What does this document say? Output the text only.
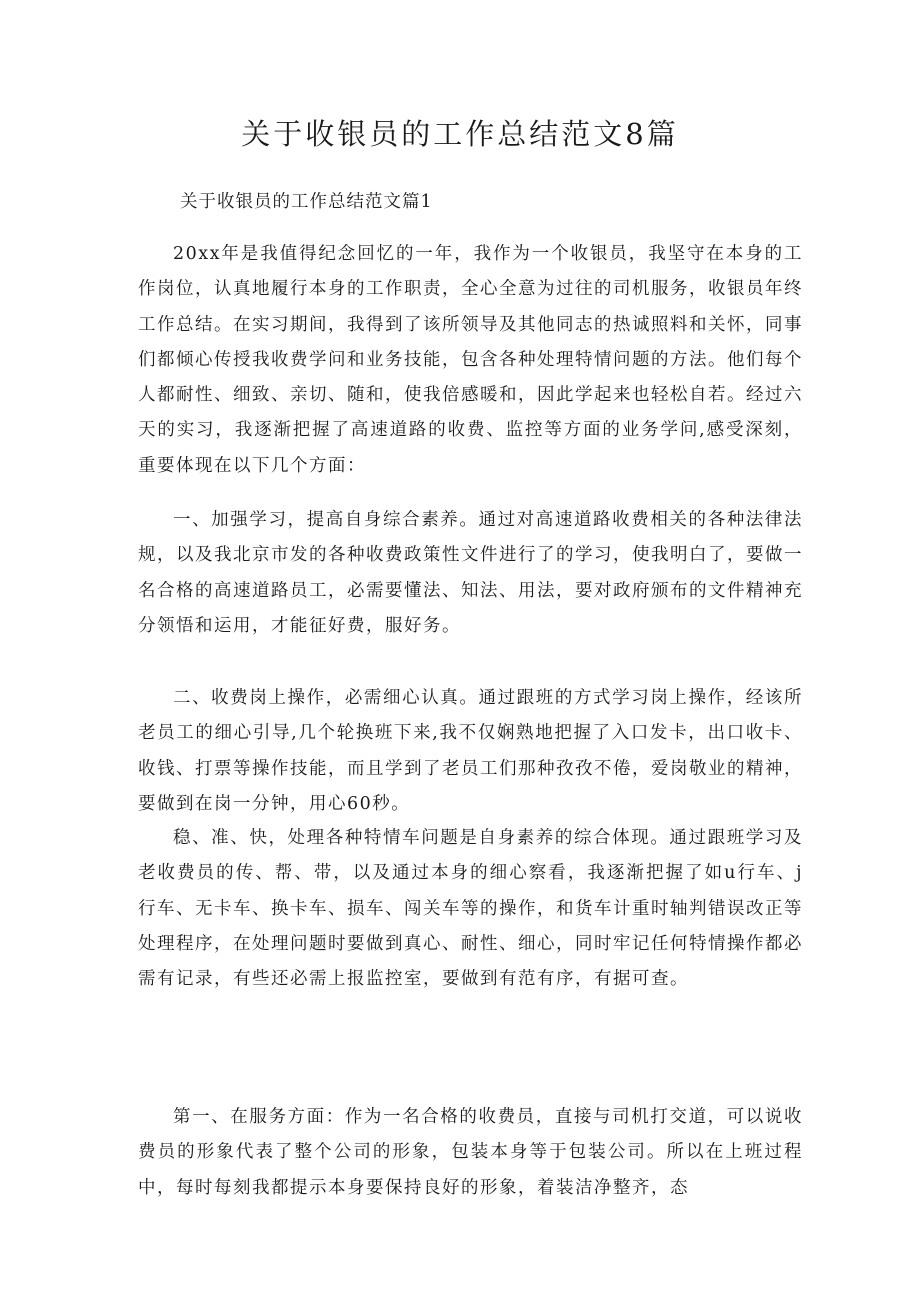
关于收银员的工作总结范文8篇

关于收银员的工作总结范文篇1

20xx年是我值得纪念回忆的一年，我作为一个收银员，我坚守在本身的工作岗位，认真地履行本身的工作职责，全心全意为过往的司机服务，收银员年终工作总结。在实习期间，我得到了该所领导及其他同志的热诚照料和关怀，同事们都倾心传授我收费学问和业务技能，包含各种处理特情问题的方法。他们每个人都耐性、细致、亲切、随和，使我倍感暖和，因此学起来也轻松自若。经过六天的实习，我逐渐把握了高速道路的收费、监控等方面的业务学问,感受深刻，重要体现在以下几个方面：

一、加强学习，提高自身综合素养。通过对高速道路收费相关的各种法律法规，以及我北京市发的各种收费政策性文件进行了的学习，使我明白了，要做一名合格的高速道路员工，必需要懂法、知法、用法，要对政府颁布的文件精神充分领悟和运用，才能征好费，服好务。

二、收费岗上操作，必需细心认真。通过跟班的方式学习岗上操作，经该所老员工的细心引导,几个轮换班下来,我不仅娴熟地把握了入口发卡，出口收卡、收钱、打票等操作技能，而且学到了老员工们那种孜孜不倦，爱岗敬业的精神，要做到在岗一分钟，用心60秒。

稳、准、快，处理各种特情车问题是自身素养的综合体现。通过跟班学习及老收费员的传、帮、带，以及通过本身的细心察看，我逐渐把握了如u行车、j行车、无卡车、换卡车、损车、闯关车等的操作，和货车计重时轴判错误改正等处理程序，在处理问题时要做到真心、耐性、细心，同时牢记任何特情操作都必需有记录，有些还必需上报监控室，要做到有范有序，有据可查。

第一、在服务方面：作为一名合格的收费员，直接与司机打交道，可以说收费员的形象代表了整个公司的形象，包装本身等于包装公司。所以在上班过程中，每时每刻我都提示本身要保持良好的形象，着装洁净整齐，态
